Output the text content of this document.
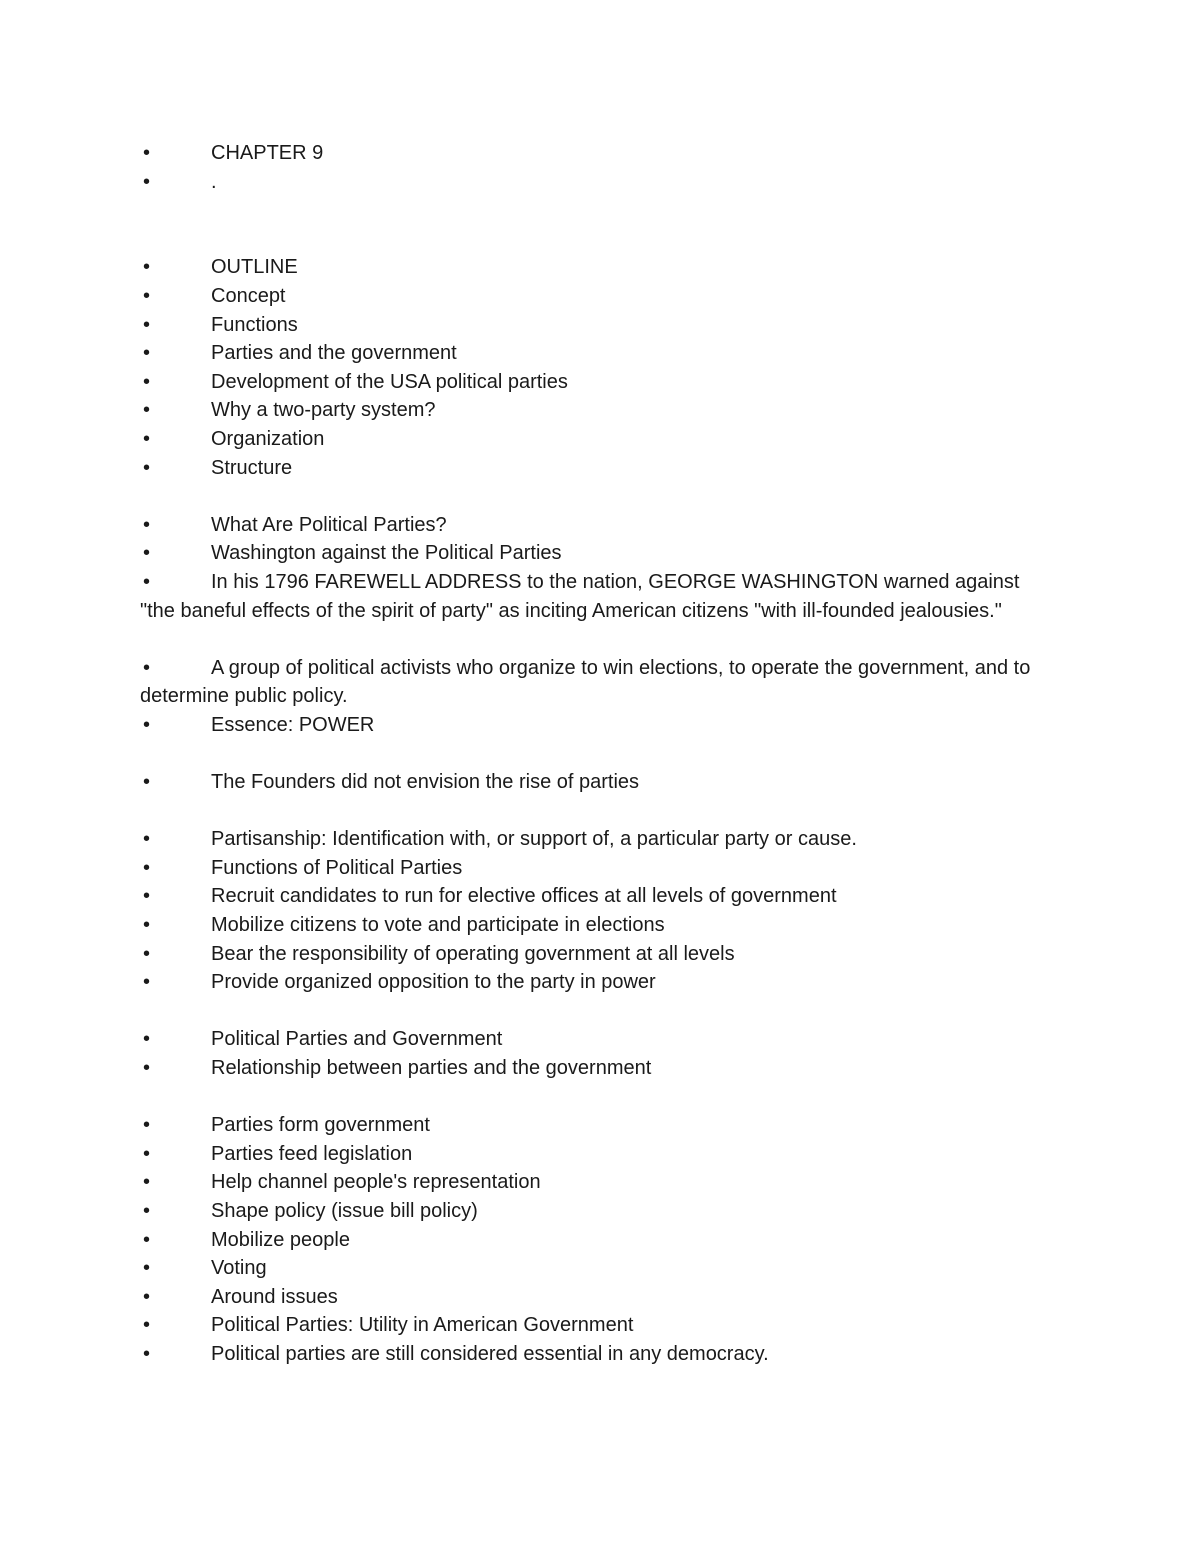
•	CHAPTER 9
•	.
•	OUTLINE
•	Concept
•	Functions
•	Parties and the government
•	Development of the USA political parties
•	Why a two-party system?
•	Organization
•	Structure
•	What Are Political Parties?
•	Washington against the Political Parties
•	In his 1796 FAREWELL ADDRESS to the nation, GEORGE WASHINGTON warned against "the baneful effects of the spirit of party" as inciting American citizens "with ill-founded jealousies."
•	A group of political activists who organize to win elections, to operate the government, and to determine public policy.
•	Essence: POWER
•	The Founders did not envision the rise of parties
•	Partisanship: Identification with, or support of, a particular party or cause.
•	Functions of Political Parties
•	Recruit candidates to run for elective offices at all levels of government
•	Mobilize citizens to vote and participate in elections
•	Bear the responsibility of operating government at all levels
•	Provide organized opposition to the party in power
•	Political Parties and Government
•	Relationship between parties and the government
•	Parties form government
•	Parties feed legislation
•	Help channel people's representation
•	Shape policy (issue bill policy)
•	Mobilize people
•	Voting
•	Around issues
•	Political Parties: Utility in American Government
•	Political parties are still considered essential in any democracy.
